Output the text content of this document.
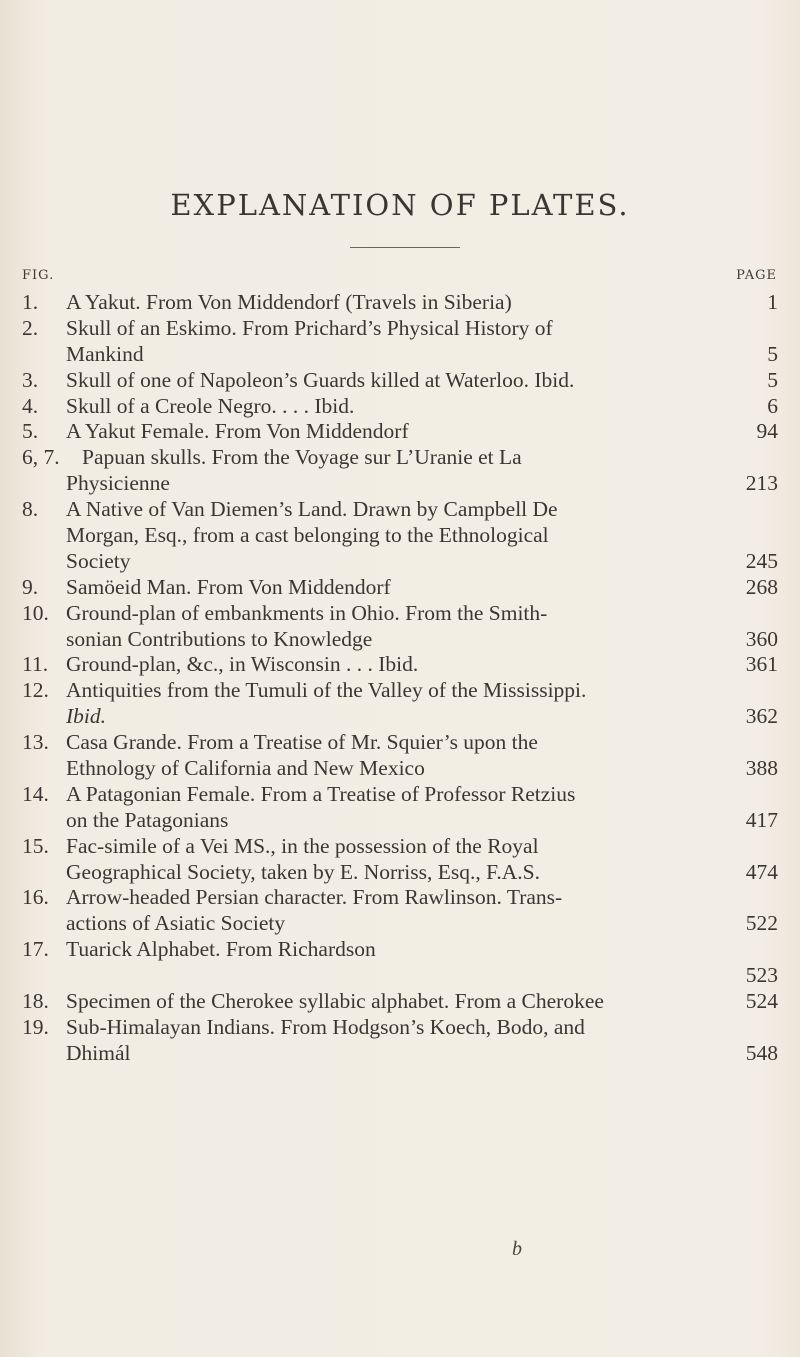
EXPLANATION OF PLATES.
FIG.	PAGE
1. A Yakut. From Von Middendorf (Travels in Siberia)	1
2. Skull of an Eskimo. From Prichard’s Physical History of
Mankind	5
3. Skull of one of Napoleon’s Guards killed at Waterloo. Ibid.	5
4. Skull of a Creole Negro. . . . Ibid.	6
5. A Yakut Female. From Von Middendorf	94
6, 7. Papuan skulls. From the Voyage sur L’Uranie et La
Physicienne	213
8. A Native of Van Diemen’s Land. Drawn by Campbell De
Morgan, Esq., from a cast belonging to the Ethnological
Society	245
9. Samöeid Man. From Von Middendorf	268
10. Ground-plan of embankments in Ohio. From the Smith-
sonian Contributions to Knowledge	360
11. Ground-plan, &c., in Wisconsin . . . Ibid.	361
12. Antiquities from the Tumuli of the Valley of the Mississippi.
Ibid.	362
13. Casa Grande. From a Treatise of Mr. Squier’s upon the
Ethnology of California and New Mexico	388
14. A Patagonian Female. From a Treatise of Professor Retzius
on the Patagonians	417
15. Fac-simile of a Vei MS., in the possession of the Royal
Geographical Society, taken by E. Norriss, Esq., F.A.S.	474
16. Arrow-headed Persian character. From Rawlinson. Trans-
actions of Asiatic Society	522
17. Tuarick Alphabet. From Richardson
523
18. Specimen of the Cherokee syllabic alphabet. From a Cherokee	524
19. Sub-Himalayan Indians. From Hodgson’s Koech, Bodo, and
Dhimál	548
b
